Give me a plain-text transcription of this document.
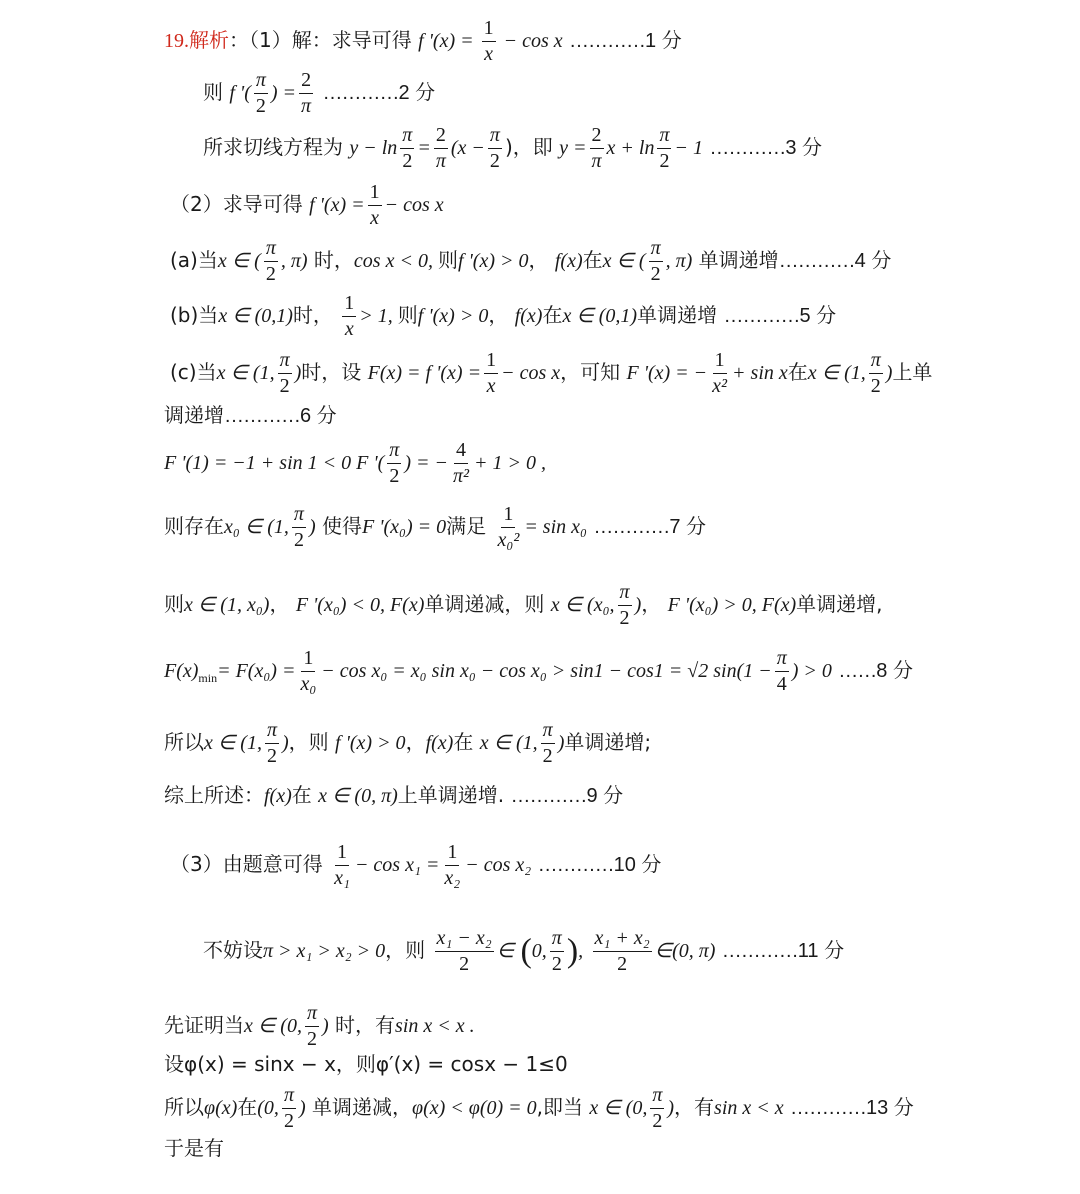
19.解析：（1）解：求导可得 f '$(x) = \frac{1}{x} - \cos x$ …………1 分
则 f '( $\frac{\pi}{2}$ ) = $\frac{2}{\pi}$ …………2 分
所求切线方程为 $y - \ln \frac{\pi}{2} = \frac{2}{\pi} (x - \frac{\pi}{2}$ )，即 $y = \frac{2}{\pi}$ $x + \ln \frac{\pi}{2} - 1$ …………3 分
（2）求导可得 f '$(x) = \frac{1}{x} - \cos x$
(a)当x ∈ ( $\frac{\pi}{2}$ , π) 时，cos x < 0, 则f '(x) > 0， f(x)在x ∈ ( $\frac{\pi}{2}$ , π) 单调递增…………4 分
(b)当x ∈ (0,1)时， $\frac{1}{x} > 1$, 则f '(x) > 0， f(x)在x ∈ (0,1)单调递增 …………5 分
(c)当x ∈ (1, $\frac{\pi}{2}$ )时，设 F(x) = f '$(x) = \frac{1}{x} - \cos x$，可知 F '(x) = − $\frac{1}{\text{x²}} + \sin x$在x ∈ (1, $\frac{\pi}{2}$ )上单
调递增…………6 分
F '(1) = −1 + sin 1 < 0 F '( $\frac{\pi}{2}$ ) = − $\frac{4}{\text{π²}} + 1 > 0$ ,
则存在x₀ ∈ (1, $\frac{\pi}{2}$ ) 使得F '(x₀) = 0满足 $\frac{1}{\text{x₀²}} = \sin x_0$ …………7 分
则x ∈ (1, x₀)， F '(x₀) < 0, F(x)单调递减，则 x ∈ (x₀, $\frac{\pi}{2}$ )， F '(x₀) > 0, F(x)单调递增,
$F(x)_{min}= F(x_0) = \frac{1}{\text{x₀}} - \cos x_0 = x_0$ sin x₀ − cos x₀ > sin1 − cos1 = √2 $\sin(1 - \frac{\pi}{4}$ ) > 0 ……8 分
所以x ∈ (1, $\frac{\pi}{2}$ )，则 f '(x) > 0，f(x)在 x ∈ (1, $\frac{\pi}{2}$ )单调递增;
综上所述：f(x)在 x ∈ (0, π)上单调递增. …………9 分
（3）由题意可得 $\frac{1}{\text{x₁}} - \cos x_1 = \frac{1}{\text{x₂}} - \cos x_2$ …………10 分
不妨设π > x₁ > x₂ > 0，则 $\frac{\text{x₁ − x₂}}{2}$ ∈ (0, $\frac{\pi}{2}$ ), $\frac{\text{x₁ + x₂}}{2}$ ∈(0, π) …………11 分
先证明当x ∈ (0, $\frac{\pi}{2}$ ) 时，有sin x < x .
设φ(x) = sinx − x，则φ′(x) = cosx − 1≤0
所以φ(x)在(0, $\frac{\pi}{2}$ ) 单调递减，φ(x) < φ(0) = 0,即当 x ∈ (0, $\frac{\pi}{2}$ )，有sin x < x …………13 分
于是有
